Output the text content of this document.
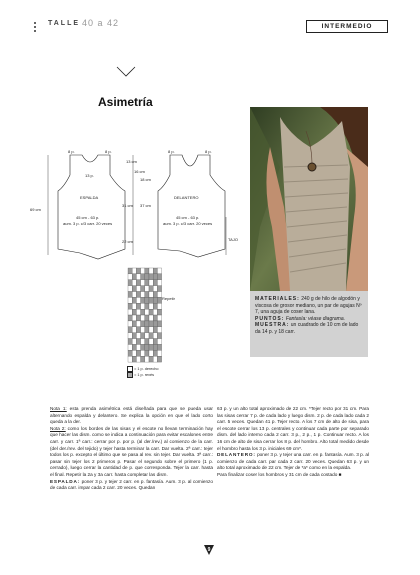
TALLE 40 a 42	INTERMEDIO
Asimetría
ESPALDA
45 cm - 63 p.
aum. 3 p. c/3 carr. 20 veces
8 p.	8 p.
13 p.
69 cm
13 cm
DELANTERO
45 cm - 63 p.
aum. 3 p. c/3 carr. 20 veces
8 p.	8 p.
16 cm
18 cm
31 cm 37 cm
22 cm	TAJO
Repetir
= 1 p. derecho
= 1 p. revés
MATERIALES: 240 g de hilo de algodón y viscosa de grosor mediano, un par de agujas Nº 7, una aguja de coser lana.
PUNTOS: Fantasía: véase diagrama.
MUESTRA: un cuadrado de 10 cm de lado da 14 p. y 18 carr.

Nota 1: esta prenda asimétrica está diseñada para que se pueda usar alternando espalda y delantero. Se explica la opción en que el lado corto queda a la der.

Nota 2: como los bordes de las sisas y el escote no llevan terminación hay que hacer las dism. como se indica a continuación para evitar escalones entre carr. y carr. 1ª carr.: cerrar por p. por p. (al der./rev.) al comienzo de la carr. (del der./rev. del tejido) y tejer hasta terminar la carr. Dar vuelta. 2ª carr.: tejer todos los p. excepto el último que se pasa al rev. sin tejer. Dar vuelta. 3ª carr.: pasar sin tejer los 2 primeros p. Pasar el segundo sobre el primero (1 p. cerrado), luego cerrar la cantidad de p. que corresponda. Tejer la carr. hasta el final. Repetir la 2a y 3a carr. hasta completar las dism.

ESPALDA: poner 3 p. y tejer 2 carr. en p. fantasía. Aum. 3 p. al comienzo de cada carr. impar cada 2 carr. 20 veces. Quedan

63 p. y un alto total aproximado de 22 cm. *Tejer recto por 31 cm. Para las sisas cerrar 7 p. de cada lado y luego dism. 2 p. de cada lado cada 2 carr. 5 veces. Quedan 41 p. Tejer recto. A los 7 cm de alto de sisa, para el escote cerrar los 13 p. centrales y continuar cada parte por separado dism. del lado interno cada 2 carr. 3 p., 2 p., 1 p. Continuar recto. A los 16 cm de alto de sisa cerrar los 8 p. del hombro. Alto total medido desde el hombro hasta los 3 p. iniciales 69 cm*.

DELANTERO: poner 3 p. y tejer una carr. en p. fantasía. Aum. 3 p. al comienzo de cada carr. par cada 2 carr. 20 veces. Quedan 63 p. y un alto total aproximado de 22 cm. Tejer de *a* como en la espalda.

Para finalizar coser los hombros y 31 cm de cada costado ■

9
